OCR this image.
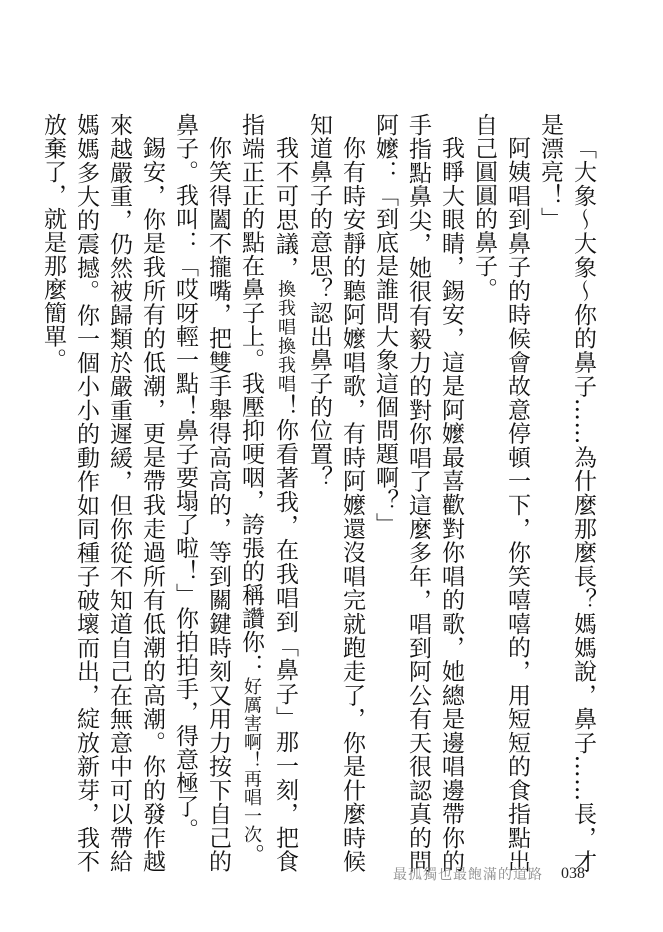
「大象～大象～你的鼻子……為什麼那麼長？媽媽說，鼻子……長，才是漂亮！」

阿姨唱到鼻子的時候會故意停頓一下，你笑嘻嘻的，用短短的食指點出自己圓圓的鼻子。

我睜大眼睛，錫安，這是阿嬤最喜歡對你唱的歌，她總是邊唱邊帶你的手指點鼻尖，她很有毅力的對你唱了這麼多年，唱到阿公有天很認真的問阿嬤：「到底是誰問大象這個問題啊？」

你有時安靜的聽阿嬤唱歌，有時阿嬤還沒唱完就跑走了，你是什麼時候知道鼻子的意思？認出鼻子的位置？

我不可思議，換我唱換我唱！你看著我，在我唱到「鼻子」那一刻，把食指端正正的點在鼻子上。我壓抑哽咽，誇張的稱讚你：好厲害啊！再唱一次。

你笑得闔不攏嘴，把雙手舉得高高的，等到關鍵時刻又用力按下自己的鼻子。我叫：「哎呀輕一點！鼻子要塌了啦！」你拍拍手，得意極了。

錫安，你是我所有的低潮，更是帶我走過所有低潮的高潮。你的發作越來越嚴重，仍然被歸類於嚴重遲緩，但你從不知道自己在無意中可以帶給媽媽多大的震撼。你一個小小的動作如同種子破壞而出，綻放新芽，我不放棄了，就是那麼簡單。

最孤獨也最飽滿的道路 038
